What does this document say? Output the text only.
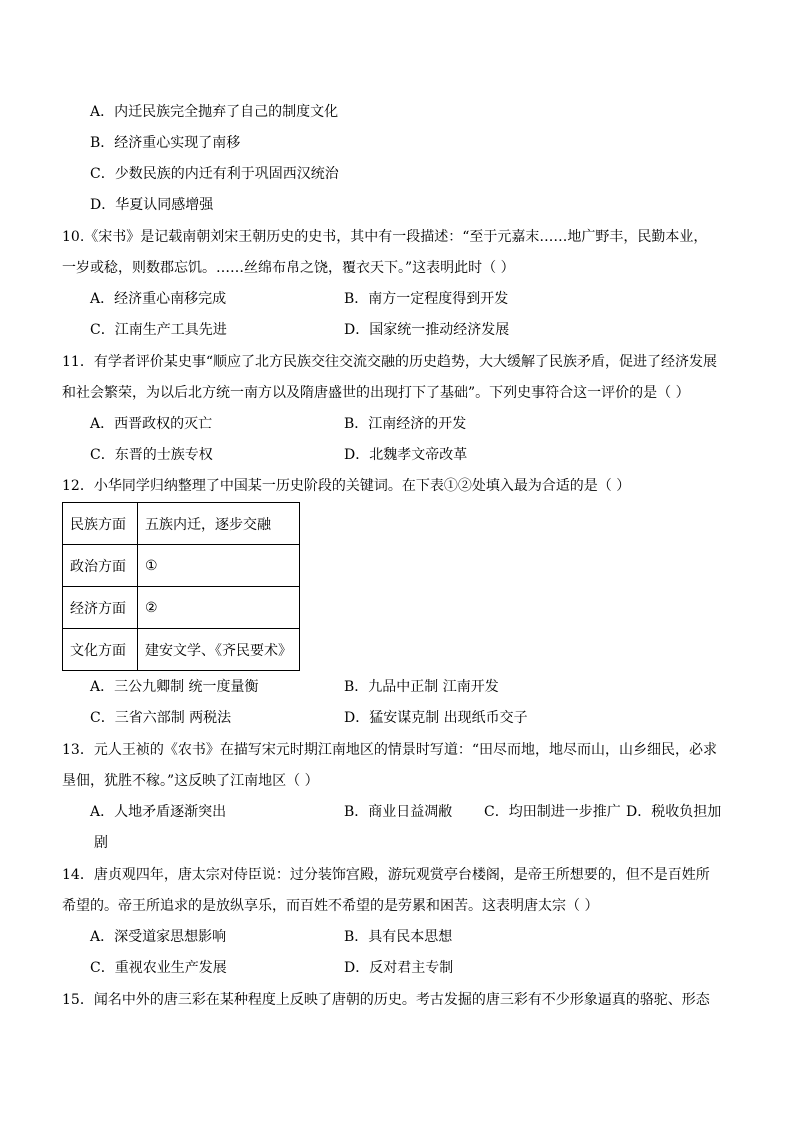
A．内迁民族完全抛弃了自己的制度文化
B．经济重心实现了南移
C．少数民族的内迁有利于巩固西汉统治
D．华夏认同感增强
10.《宋书》是记载南朝刘宋王朝历史的史书，其中有一段描述：“至于元嘉末……地广野丰，民勤本业，
一岁或稔，则数郡忘饥。……丝绵布帛之饶，覆衣天下。”这表明此时（ ）
A．经济重心南移完成	B．南方一定程度得到开发
C．江南生产工具先进	D．国家统一推动经济发展
11．有学者评价某史事“顺应了北方民族交往交流交融的历史趋势，大大缓解了民族矛盾，促进了经济发展
和社会繁荣，为以后北方统一南方以及隋唐盛世的出现打下了基础”。下列史事符合这一评价的是（ ）
A．西晋政权的灭亡	B．江南经济的开发
C．东晋的士族专权	D．北魏孝文帝改革
12．小华同学归纳整理了中国某一历史阶段的关键词。在下表①②处填入最为合适的是（ ）
民族方面	五族内迁，逐步交融
政治方面	①
经济方面	②
文化方面	建安文学、《齐民要术》
A．三公九卿制 统一度量衡	B．九品中正制 江南开发
C．三省六部制 两税法	D．猛安谋克制 出现纸币交子
13．元人王祯的《农书》在描写宋元时期江南地区的情景时写道：“田尽而地，地尽而山，山乡细民，必求
垦佃，犹胜不稼。”这反映了江南地区（ ）
A．人地矛盾逐渐突出	B．商业日益凋敝 C．均田制进一步推广 D．税收负担加
剧
14．唐贞观四年，唐太宗对侍臣说：过分装饰宫殿，游玩观赏亭台楼阁，是帝王所想要的，但不是百姓所
希望的。帝王所追求的是放纵享乐，而百姓不希望的是劳累和困苦。这表明唐太宗（ ）
A．深受道家思想影响	B．具有民本思想
C．重视农业生产发展	D．反对君主专制
15．闻名中外的唐三彩在某种程度上反映了唐朝的历史。考古发掘的唐三彩有不少形象逼真的骆驼、形态
